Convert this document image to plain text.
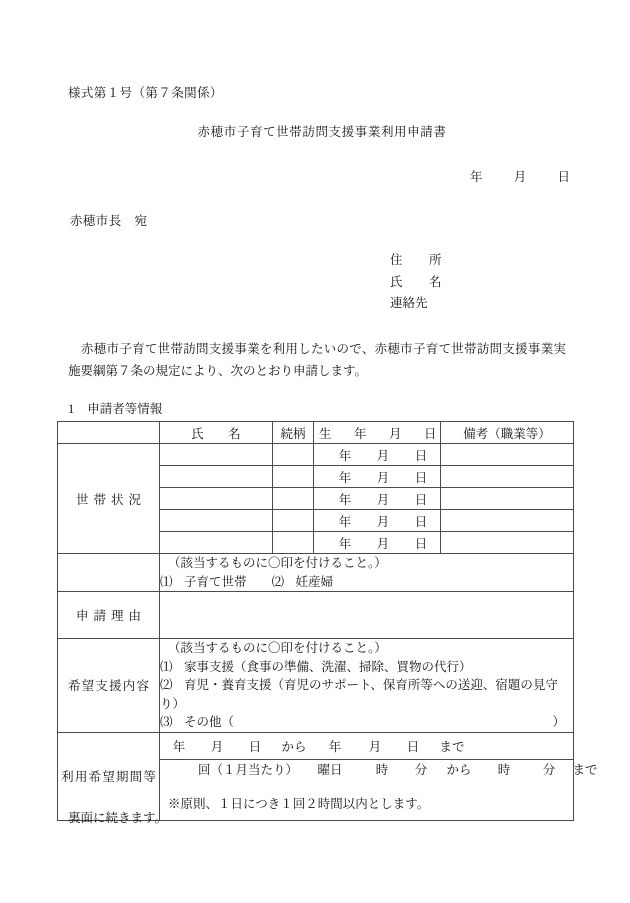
様式第１号（第７条関係）
赤穂市子育て世帯訪問支援事業利用申請書
年 月 日
赤穂市長　宛
住　所
氏　名
連絡先
赤穂市子育て世帯訪問支援事業を利用したいので、赤穂市子育て世帯訪問支援事業実施要綱第７条の規定により、次のとおり申請します。
1 申請者等情報
	氏　名	続柄	生　年　月　日	備考（職業等）
世帯状況			年 月 日	
			年 月 日	
			年 月 日	
			年 月 日	
			年 月 日	

	（該当するものに〇印を付けること。）
⑴ 子育て世帯 ⑵ 妊産婦			

申請理由				
希望支援内容	（該当するものに〇印を付けること。）
⑴ 家事支援（食事の準備、洗濯、掃除、買物の代行）
⑵ 育児・養育支援（育児のサポート、保育所等への送迎、宿題の見守り）
⑶ その他（ ）			

利用希望期間等	年 月 日 から 年 月 日 まで			

	回（１月当たり） 曜日 時 分 から 時 分 まで
※原則、１日につき１回２時間以内とします。			
裏面に続きます。
